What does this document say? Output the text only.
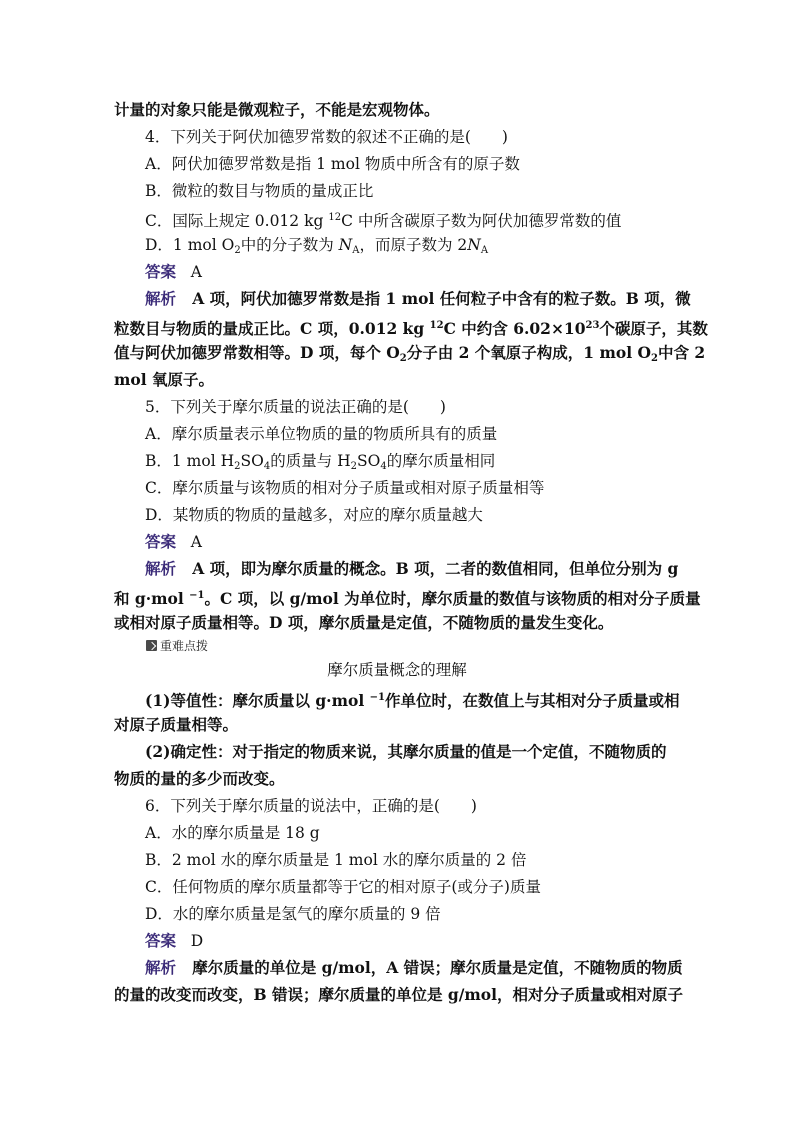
计量的对象只能是微观粒子，不能是宏观物体。
4．下列关于阿伏加德罗常数的叙述不正确的是(　　)
A．阿伏加德罗常数是指 1 mol 物质中所含有的原子数
B．微粒的数目与物质的量成正比
C．国际上规定 0.012 kg $^{12}$C 中所含碳原子数为阿伏加德罗常数的值
D．1 mol $O_2$中的分子数为 $N_A$，而原子数为 $2N_A$
答案 A
解析 A 项，阿伏加德罗常数是指 1 mol 任何粒子中含有的粒子数。B 项，微
粒数目与物质的量成正比。C 项，0.012 kg $^{12}$C 中约含 $6.02\times 10^{23}$个碳原子，其数
值与阿伏加德罗常数相等。D 项，每个 $O_2$分子由 2 个氧原子构成，1 mol $O_2$中含 2
mol 氧原子。
5．下列关于摩尔质量的说法正确的是(　　)
A．摩尔质量表示单位物质的量的物质所具有的质量
B．1 mol $H_2SO_4$的质量与 $H_2SO_4$的摩尔质量相同
C．摩尔质量与该物质的相对分子质量或相对原子质量相等
D．某物质的物质的量越多，对应的摩尔质量越大
答案 A
解析 A 项，即为摩尔质量的概念。B 项，二者的数值相同，但单位分别为 g
和 g·mol $^{-1}$。C 项，以 g/mol 为单位时，摩尔质量的数值与该物质的相对分子质量
或相对原子质量相等。D 项，摩尔质量是定值，不随物质的量发生变化。
重难点拨
摩尔质量概念的理解
(1)等值性：摩尔质量以 g·mol $^{-1}$作单位时，在数值上与其相对分子质量或相
对原子质量相等。
(2)确定性：对于指定的物质来说，其摩尔质量的值是一个定值，不随物质的
物质的量的多少而改变。
6．下列关于摩尔质量的说法中，正确的是(　　)
A．水的摩尔质量是 18 g
B．2 mol 水的摩尔质量是 1 mol 水的摩尔质量的 2 倍
C．任何物质的摩尔质量都等于它的相对原子(或分子)质量
D．水的摩尔质量是氢气的摩尔质量的 9 倍
答案 D
解析 摩尔质量的单位是 g/mol，A 错误；摩尔质量是定值，不随物质的物质
的量的改变而改变，B 错误；摩尔质量的单位是 g/mol，相对分子质量或相对原子
